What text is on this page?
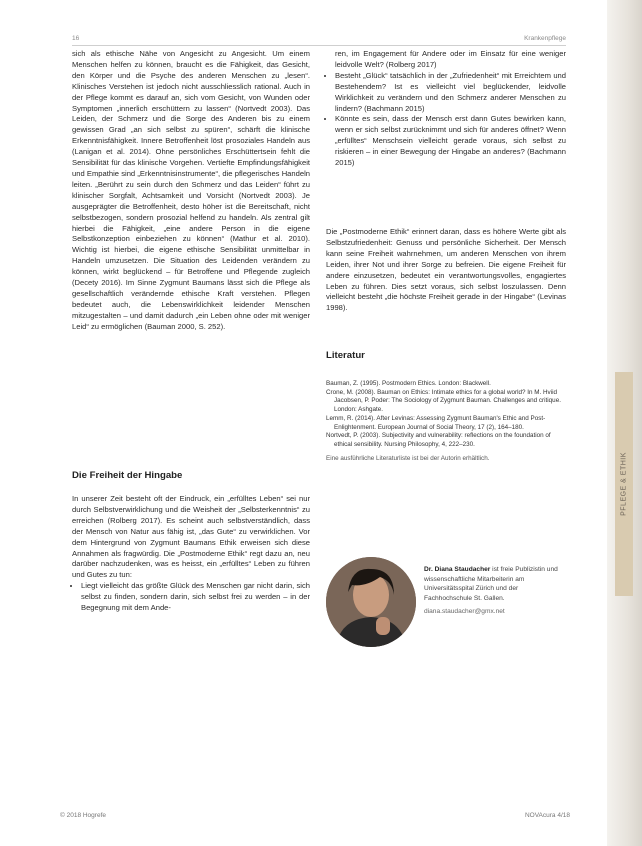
PFLEGE & ETHIK
16	Krankenpflege

sich als ethische Nähe von Angesicht zu Angesicht. Um einem Menschen helfen zu können, braucht es die Fähigkeit, das Gesicht, den Körper und die Psyche des anderen Menschen zu „lesen“. Klinisches Verstehen ist jedoch nicht ausschliesslich rational. Auch in der Pflege kommt es darauf an, sich vom Gesicht, von Wunden oder Symptomen „innerlich erschüttern zu lassen“ (Nortvedt 2003). Das Leiden, der Schmerz und die Sorge des Anderen bis zu einem gewissen Grad „an sich selbst zu spüren“, schärft die klinische Erkenntnisfähigkeit. Innere Betroffenheit löst prosoziales Handeln aus (Lanigan et al. 2014). Ohne persönliches Erschüttertsein fehlt die Sensibilität für das klinische Vorgehen. Vertiefte Empfindungsfähigkeit und Empathie sind „Erkenntnisinstrumente“, die pflegerisches Handeln leiten. „Berührt zu sein durch den Schmerz und das Leiden“ führt zu klinischer Sorgfalt, Achtsamkeit und Vorsicht (Nortvedt 2003). Je ausgeprägter die Betroffenheit, desto höher ist die Bereitschaft, nicht selbstbezogen, sondern prosozial helfend zu handeln. Als zentral gilt hierbei die Fähigkeit, „eine andere Person in die eigene Selbstkonzeption einbeziehen zu können“ (Mathur et al. 2010). Wichtig ist hierbei, die eigene ethische Sensibilität unmittelbar in Handeln umzusetzen. Die Situation des Leidenden verändern zu können, wirkt beglückend – für Betroffene und Pflegende zugleich (Decety 2016). Im Sinne Zygmunt Baumans lässt sich die Pflege als gesellschaftlich verändernde ethische Kraft verstehen. Pflegen bedeutet auch, die Lebenswirklichkeit leidender Menschen mitzugestalten – und damit dadurch „ein Leben ohne oder mit weniger Leid“ zu ermöglichen (Bauman 2000, S. 252).

Die Freiheit der Hingabe

In unserer Zeit besteht oft der Eindruck, ein „erfülltes Leben“ sei nur durch Selbstverwirklichung und die Weisheit der „Selbsterkenntnis“ zu erreichen (Rolberg 2017). Es scheint auch selbstverständlich, dass der Mensch von Natur aus fähig ist, „das Gute“ zu verwirklichen. Vor dem Hintergrund von Zygmunt Baumans Ethik erweisen sich diese Annahmen als fragwürdig. Die „Postmoderne Ethik“ regt dazu an, neu darüber nachzudenken, was es heisst, ein „erfülltes“ Leben zu führen und Gutes zu tun:

• Liegt vielleicht das größte Glück des Menschen gar nicht darin, sich selbst zu finden, sondern darin, sich selbst frei zu werden – in der Begegnung mit dem Ande-
ren, im Engagement für Andere oder im Einsatz für eine weniger leidvolle Welt? (Rolberg 2017)
• Besteht „Glück“ tatsächlich in der „Zufriedenheit“ mit Erreichtem und Bestehendem? Ist es vielleicht viel beglückender, leidvolle Wirklichkeit zu verändern und den Schmerz anderer Menschen zu lindern? (Bachmann 2015)
• Könnte es sein, dass der Mensch erst dann Gutes bewirken kann, wenn er sich selbst zurücknimmt und sich für anderes öffnet? Wenn „erfülltes“ Menschsein vielleicht gerade voraus, sich selbst zu riskieren – in einer Bewegung der Hingabe an anderes? (Bachmann 2015)

Die „Postmoderne Ethik“ erinnert daran, dass es höhere Werte gibt als Selbstzufriedenheit: Genuss und persönliche Sicherheit. Der Mensch kann seine Freiheit wahrnehmen, um anderen Menschen von ihrem Leiden, ihrer Not und ihrer Sorge zu befreien. Die eigene Freiheit für andere einzusetzen, bedeutet ein verantwortungsvolles, engagiertes Leben zu führen. Dies setzt voraus, sich selbst loszulassen. Denn vielleicht besteht „die höchste Freiheit gerade in der Hingabe“ (Levinas 1998).

Literatur

Bauman, Z. (1995). Postmodern Ethics. London: Blackwell.

Crone, M. (2008). Bauman on Ethics: Intimate ethics for a global world? In M. Hviid Jacobsen, P. Poder: The Sociology of Zygmunt Bauman. Challenges and critique. London: Ashgate.

Lemm, R. (2014). After Levinas: Assessing Zygmunt Bauman's Ethic and Post-Enlightenment. European Journal of Social Theory, 17 (2), 164–180.

Nortvedt, P. (2003). Subjectivity and vulnerability: reflections on the foundation of ethical sensibility. Nursing Philosophy, 4, 222–230.

Eine ausführliche Literaturliste ist bei der Autorin erhältlich.

Dr. Diana Staudacher ist freie Publizistin und wissenschaftliche Mitarbeiterin am Universitätsspital Zürich und der Fachhochschule St. Gallen.
diana.staudacher@gmx.net
© 2018 Hogrefe	NOVAcura 4/18
